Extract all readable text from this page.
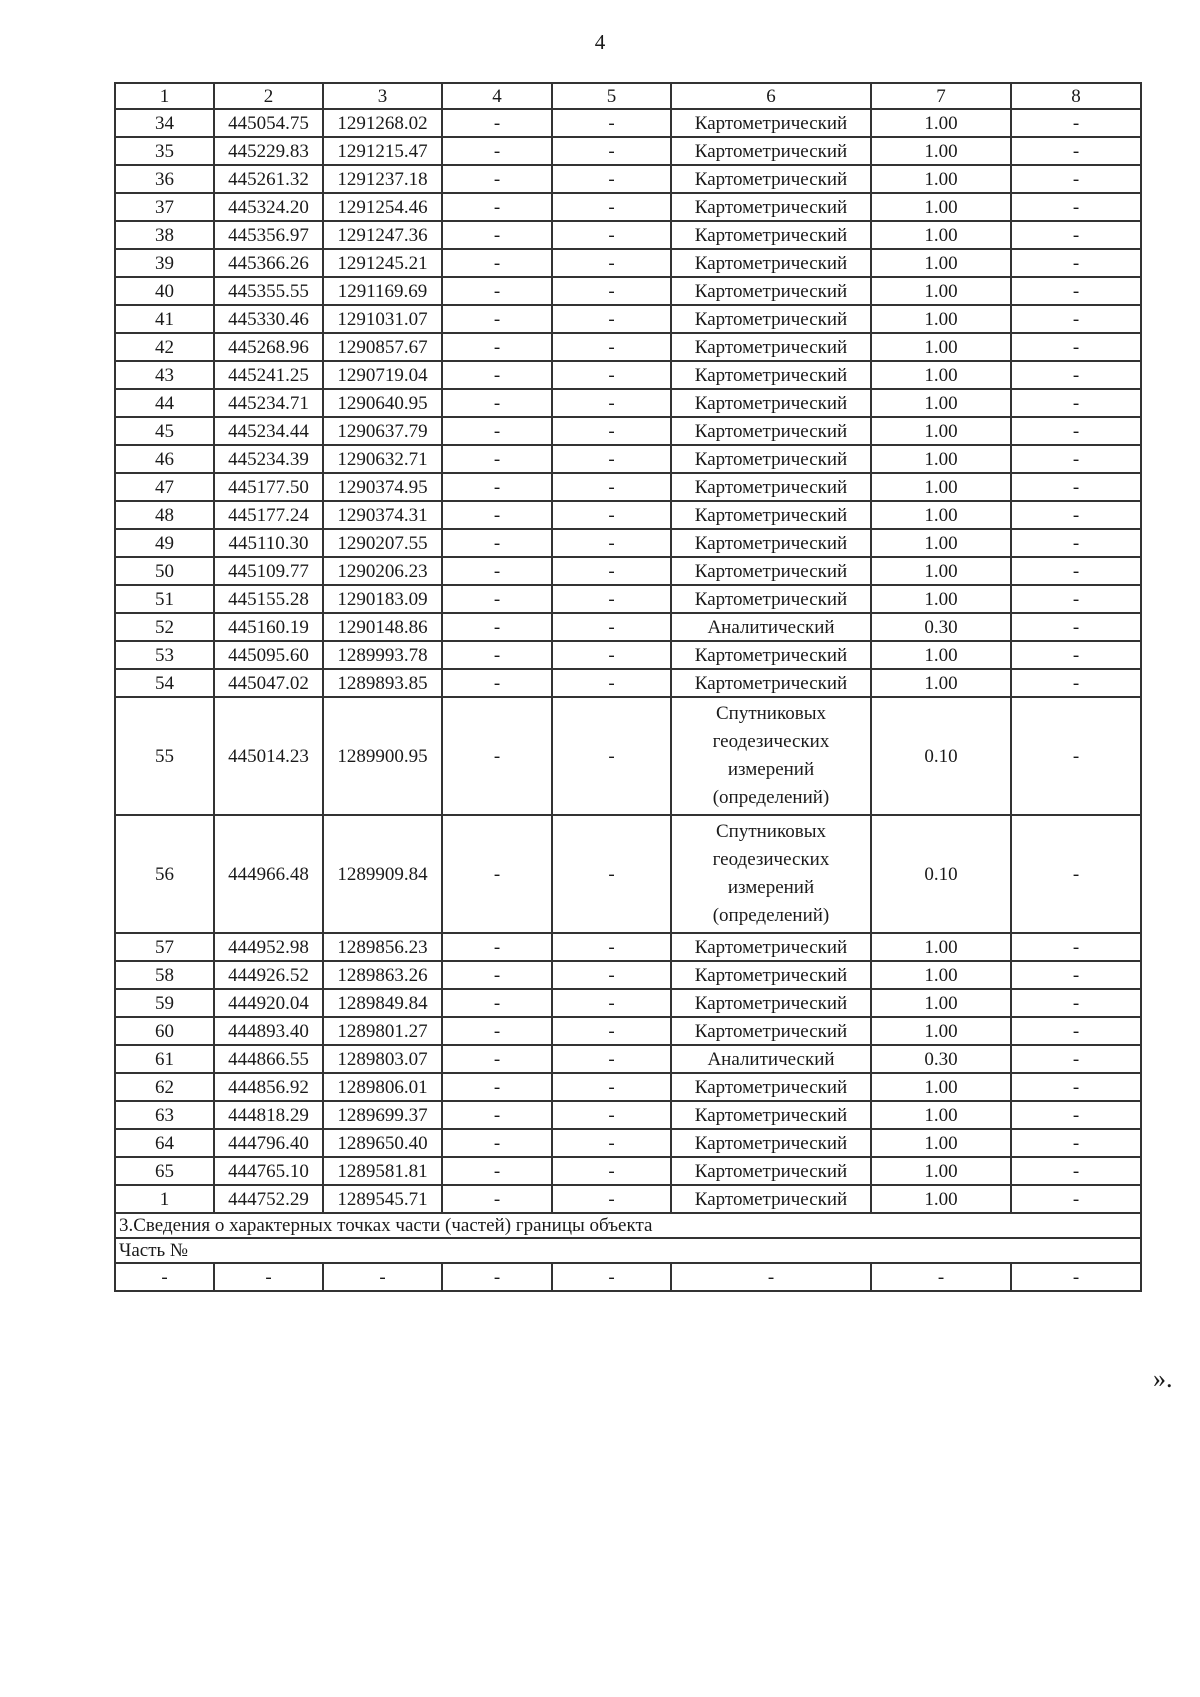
4
1	2	3	4	5	6	7	8
34	445054.75	1291268.02	-	-	Картометрический	1.00	-
35	445229.83	1291215.47	-	-	Картометрический	1.00	-
36	445261.32	1291237.18	-	-	Картометрический	1.00	-
37	445324.20	1291254.46	-	-	Картометрический	1.00	-
38	445356.97	1291247.36	-	-	Картометрический	1.00	-
39	445366.26	1291245.21	-	-	Картометрический	1.00	-
40	445355.55	1291169.69	-	-	Картометрический	1.00	-
41	445330.46	1291031.07	-	-	Картометрический	1.00	-
42	445268.96	1290857.67	-	-	Картометрический	1.00	-
43	445241.25	1290719.04	-	-	Картометрический	1.00	-
44	445234.71	1290640.95	-	-	Картометрический	1.00	-
45	445234.44	1290637.79	-	-	Картометрический	1.00	-
46	445234.39	1290632.71	-	-	Картометрический	1.00	-
47	445177.50	1290374.95	-	-	Картометрический	1.00	-
48	445177.24	1290374.31	-	-	Картометрический	1.00	-
49	445110.30	1290207.55	-	-	Картометрический	1.00	-
50	445109.77	1290206.23	-	-	Картометрический	1.00	-
51	445155.28	1290183.09	-	-	Картометрический	1.00	-
52	445160.19	1290148.86	-	-	Аналитический	0.30	-
53	445095.60	1289993.78	-	-	Картометрический	1.00	-
54	445047.02	1289893.85	-	-	Картометрический	1.00	-
55	445014.23	1289900.95	-	-	Спутниковых геодезических измерений (определений)	0.10	-
56	444966.48	1289909.84	-	-	Спутниковых геодезических измерений (определений)	0.10	-
57	444952.98	1289856.23	-	-	Картометрический	1.00	-
58	444926.52	1289863.26	-	-	Картометрический	1.00	-
59	444920.04	1289849.84	-	-	Картометрический	1.00	-
60	444893.40	1289801.27	-	-	Картометрический	1.00	-
61	444866.55	1289803.07	-	-	Аналитический	0.30	-
62	444856.92	1289806.01	-	-	Картометрический	1.00	-
63	444818.29	1289699.37	-	-	Картометрический	1.00	-
64	444796.40	1289650.40	-	-	Картометрический	1.00	-
65	444765.10	1289581.81	-	-	Картометрический	1.00	-
1	444752.29	1289545.71	-	-	Картометрический	1.00	-
3.Сведения о характерных точках части (частей) границы объекта							
Часть №							
-	-	-	-	-	-	-	-
».
